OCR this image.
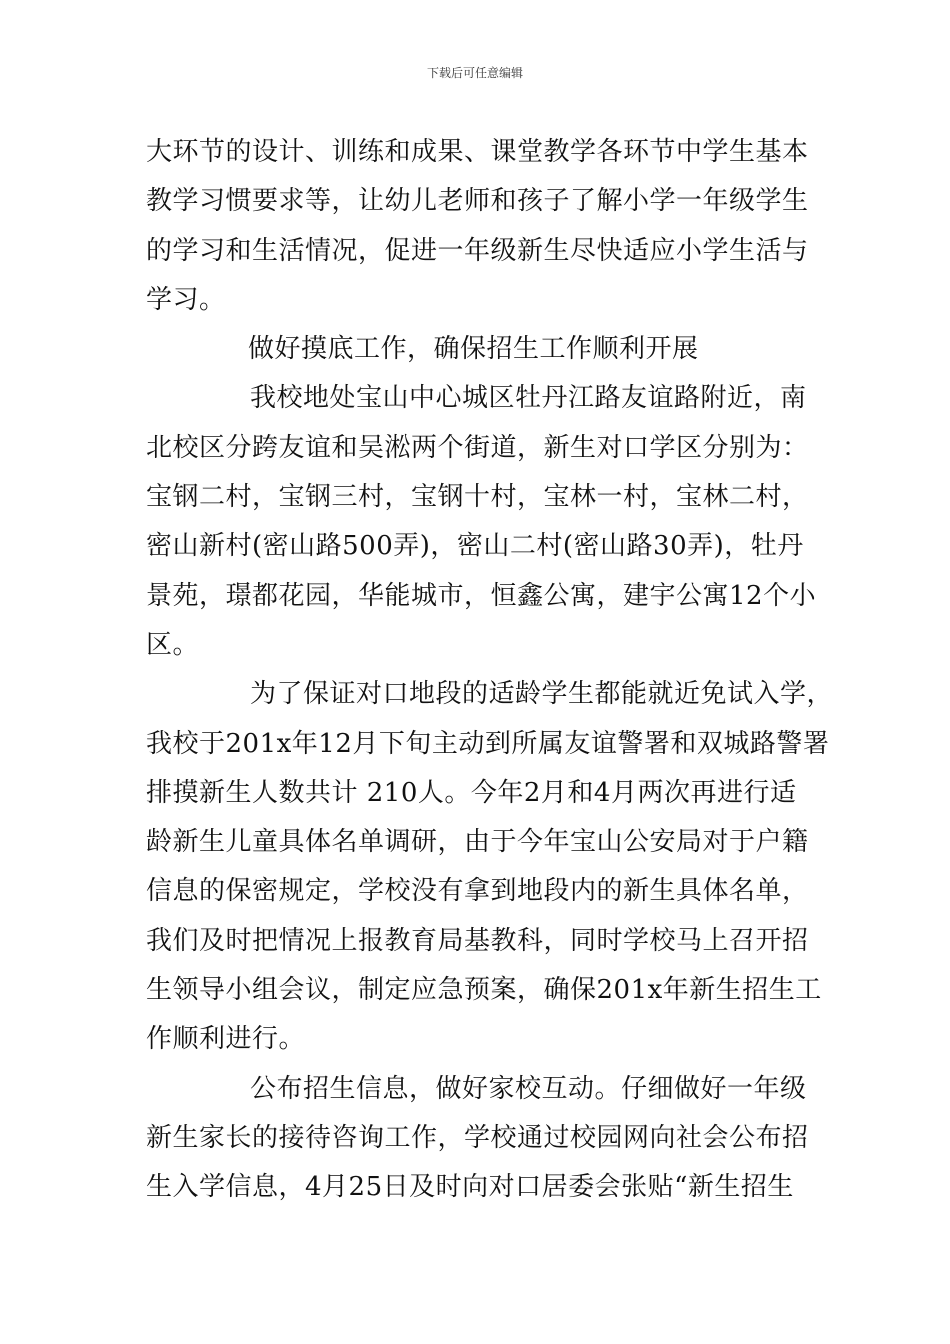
下载后可任意编辑
大环节的设计、训练和成果、课堂教学各环节中学生基本
教学习惯要求等，让幼儿老师和孩子了解小学一年级学生
的学习和生活情况，促进一年级新生尽快适应小学生活与
学习。
做好摸底工作，确保招生工作顺利开展
我校地处宝山中心城区牡丹江路友谊路附近，南
北校区分跨友谊和吴淞两个街道，新生对口学区分别为：
宝钢二村，宝钢三村，宝钢十村，宝林一村，宝林二村，
密山新村(密山路500弄)，密山二村(密山路30弄)，牡丹
景苑，璟都花园，华能城市，恒鑫公寓，建宇公寓12个小
区。
为了保证对口地段的适龄学生都能就近免试入学，
我校于201x年12月下旬主动到所属友谊警署和双城路警署
排摸新生人数共计 210人。今年2月和4月两次再进行适
龄新生儿童具体名单调研，由于今年宝山公安局对于户籍
信息的保密规定，学校没有拿到地段内的新生具体名单，
我们及时把情况上报教育局基教科，同时学校马上召开招
生领导小组会议，制定应急预案，确保201x年新生招生工
作顺利进行。
公布招生信息，做好家校互动。仔细做好一年级
新生家长的接待咨询工作，学校通过校园网向社会公布招
生入学信息，4月25日及时向对口居委会张贴“新生招生
